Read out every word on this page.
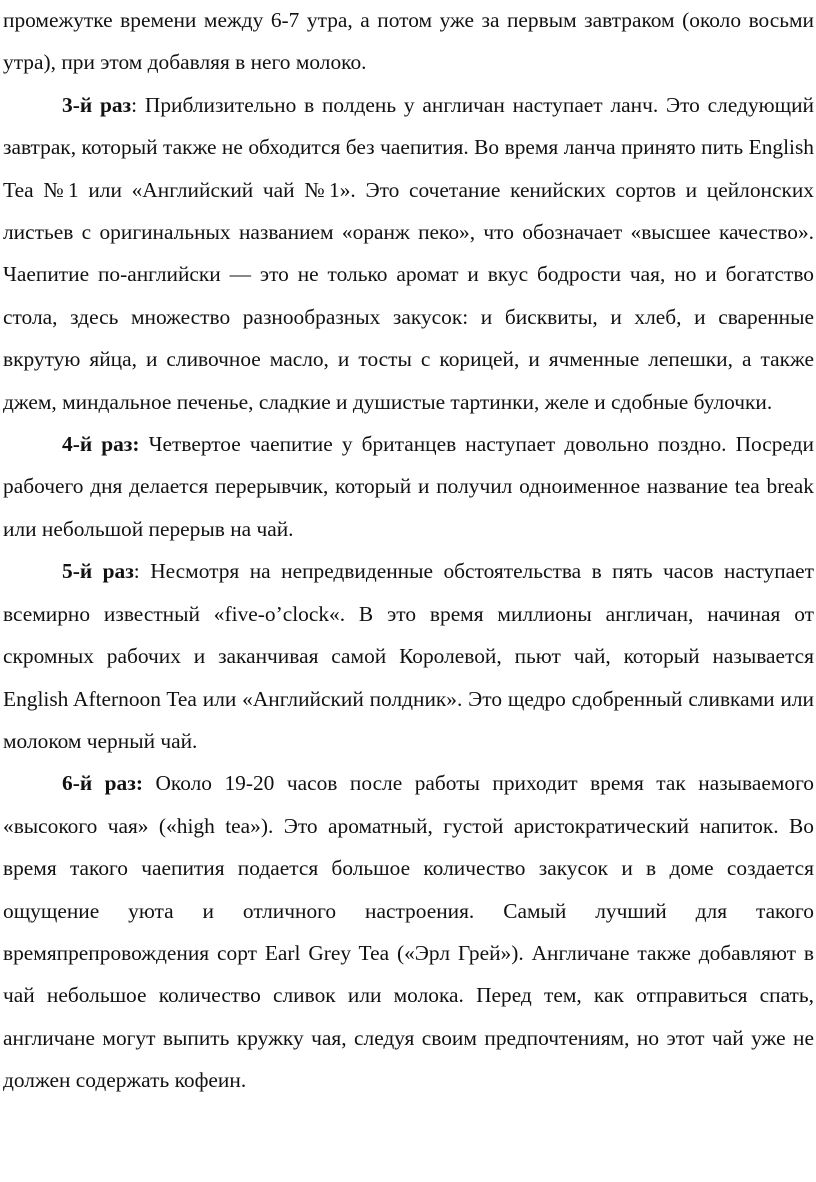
промежутке времени между 6-7 утра, а потом уже за первым завтраком (около восьми утра), при этом добавляя в него молоко.

3-й раз: Приблизительно в полдень у англичан наступает ланч. Это следующий завтрак, который также не обходится без чаепития. Во время ланча принято пить English Tea №1 или «Английский чай №1». Это сочетание кенийских сортов и цейлонских листьев с оригинальных названием «оранж пеко», что обозначает «высшее качество». Чаепитие по-английски — это не только аромат и вкус бодрости чая, но и богатство стола, здесь множество разнообразных закусок: и бисквиты, и хлеб, и сваренные вкрутую яйца, и сливочное масло, и тосты с корицей, и ячменные лепешки, а также джем, миндальное печенье, сладкие и душистые тартинки, желе и сдобные булочки.

4-й раз: Четвертое чаепитие у британцев наступает довольно поздно. Посреди рабочего дня делается перерывчик, который и получил одноименное название tea break или небольшой перерыв на чай.

5-й раз: Несмотря на непредвиденные обстоятельства в пять часов наступает всемирно известный «five-o’clock«. В это время миллионы англичан, начиная от скромных рабочих и заканчивая самой Королевой, пьют чай, который называется English Afternoon Tea или «Английский полдник». Это щедро сдобренный сливками или молоком черный чай.

6-й раз: Около 19-20 часов после работы приходит время так называемого «высокого чая» («high tea»). Это ароматный, густой аристократический напиток. Во время такого чаепития подается большое количество закусок и в доме создается ощущение уюта и отличного настроения. Самый лучший для такого времяпрепровождения сорт Earl Grey Tea («Эрл Грей»). Англичане также добавляют в чай небольшое количество сливок или молока. Перед тем, как отправиться спать, англичане могут выпить кружку чая, следуя своим предпочтениям, но этот чай уже не должен содержать кофеин.
